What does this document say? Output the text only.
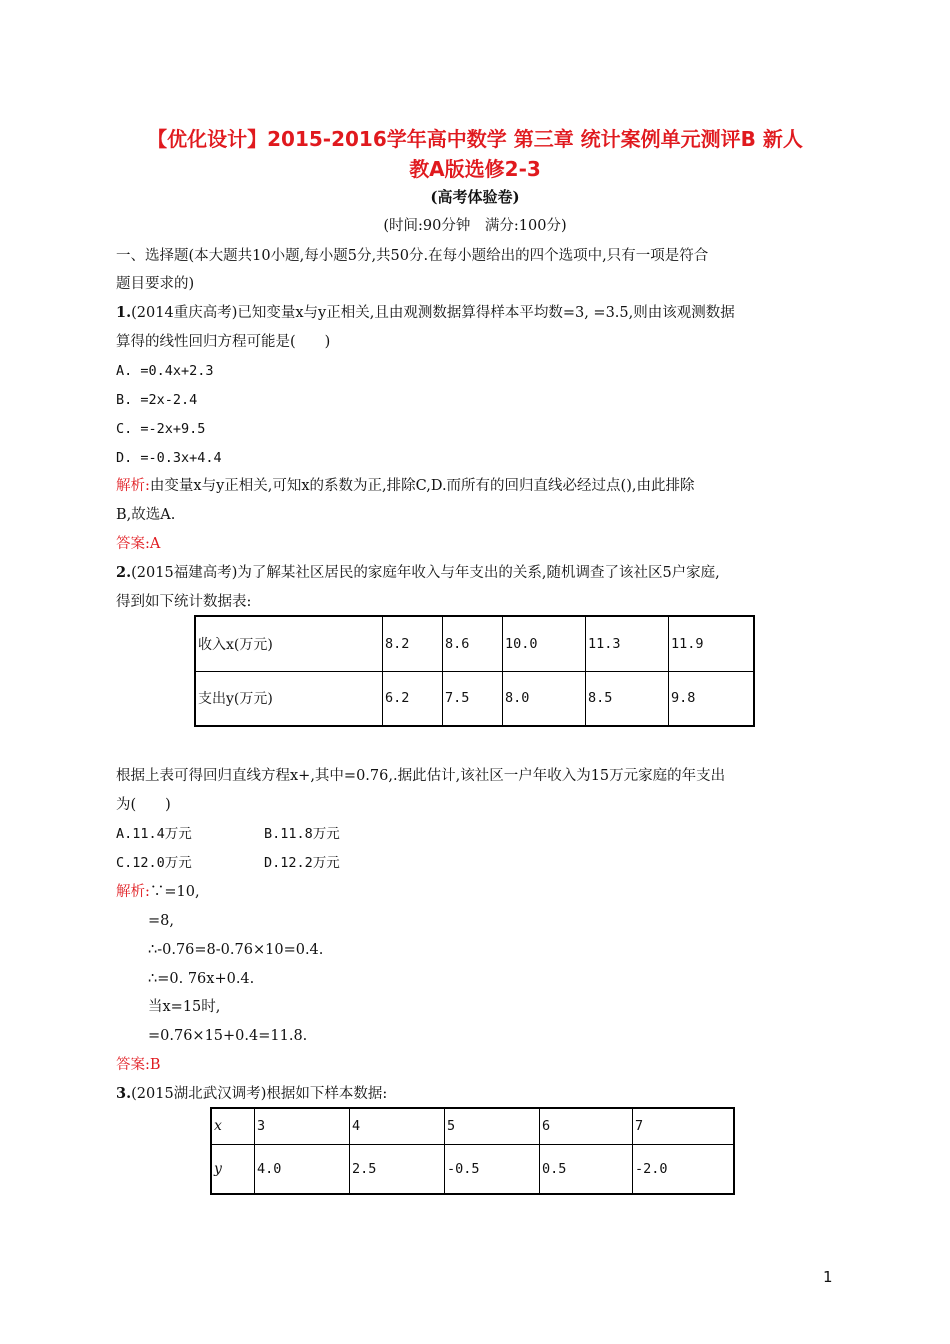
【优化设计】2015-2016学年高中数学 第三章 统计案例单元测评B 新人
教A版选修2-3
(高考体验卷)
(时间:90分钟　满分:100分)
一、选择题(本大题共10小题,每小题5分,共50分.在每小题给出的四个选项中,只有一项是符合
题目要求的)
1.(2014重庆高考)已知变量x与y正相关,且由观测数据算得样本平均数=3, =3.5,则由该观测数据
算得的线性回归方程可能是(　　)
A. =0.4x+2.3
B. =2x-2.4
C. =-2x+9.5
D. =-0.3x+4.4
解析:由变量x与y正相关,可知x的系数为正,排除C,D.而所有的回归直线必经过点(),由此排除
B,故选A.
答案:A
2.(2015福建高考)为了解某社区居民的家庭年收入与年支出的关系,随机调查了该社区5户家庭,
得到如下统计数据表:
收入x(万元)	8.2	8.6	10.0	11.3	11.9
支出y(万元)	6.2	7.5	8.0	8.5	9.8
根据上表可得回归直线方程x+,其中=0.76,.据此估计,该社区一户年收入为15万元家庭的年支出
为(　　)
A.11.4万元	B.11.8万元
C.12.0万元	D.12.2万元
解析:∵=10,
=8,
∴-0.76=8-0.76×10=0.4.
∴=0. 76x+0.4.
当x=15时,
=0.76×15+0.4=11.8.
答案:B
3.(2015湖北武汉调考)根据如下样本数据:
x	3	4	5	6	7
y	4.0	2.5	-0.5	0.5	-2.0
1
